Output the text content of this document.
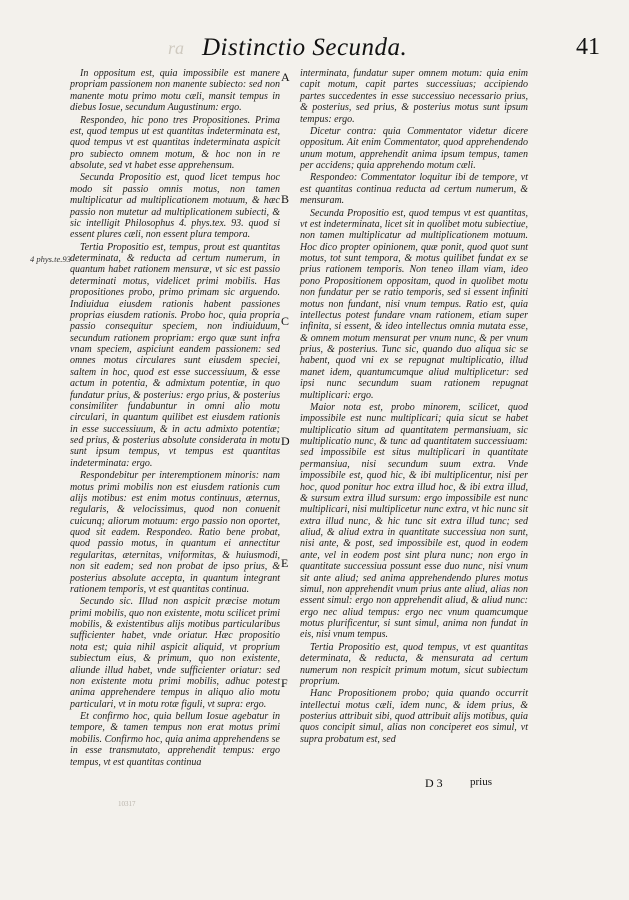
ra Distinctio Secunda.	41
4 phys.te.93

In oppositum est, quia impossibile est manere propriam passionem non manente subiecto: sed non manente motu primo motu cæli, mansit tempus in diebus Iosue, secundum Augustinum: ergo.

Respondeo, hic pono tres Propositiones. Prima est, quod tempus ut est quantitas indeterminata est, quod tempus vt est quantitas indeterminata aspicit pro subiecto omnem motum, & hoc non in re absolute, sed vt habet esse apprehensum.

Secunda Propositio est, quod licet tempus hoc modo sit passio omnis motus, non tamen multiplicatur ad multiplicationem motuum, & hæc passio non mutetur ad multiplicationem subiecti, & sic intelligit Philosophus 4. phys.tex. 93. quod si essent plures cæli, non essent plura tempora.

Tertia Propositio est, tempus, prout est quantitas determinata, & reducta ad certum numerum, in quantum habet rationem mensuræ, vt sic est passio determinati motus, videlicet primi mobilis. Has propositiones probo, primo primam sic arguendo. Indiuidua eiusdem rationis habent passiones proprias eiusdem rationis. Probo hoc, quia propria passio consequitur speciem, non indiuiduum, secundum rationem propriam: ergo quæ sunt infra vnam speciem, aspiciunt eandem passionem: sed omnes motus circulares sunt eiusdem speciei, saltem in hoc, quod est esse successiuum, & esse actum in potentia, & admixtum potentiæ, in quo fundatur prius, & posterius: ergo prius, & posterius consimiliter fundabuntur in omni alio motu circulari, in quantum quilibet est eiusdem rationis in esse successiuum, & in actu admixto potentiæ; sed prius, & posterius absolute considerata in motu sunt ipsum tempus, vt tempus est quantitas indeterminata: ergo.

Respondebitur per interemptionem minoris: nam motus primi mobilis non est eiusdem rationis cum alijs motibus: est enim motus continuus, æternus, regularis, & velocissimus, quod non conuenit cuicunq; aliorum motuum: ergo passio non oportet, quod sit eadem. Respondeo. Ratio bene probat, quod passio motus, in quantum ei annectitur regularitas, æternitas, vniformitas, & huiusmodi, non sit eadem; sed non probat de ipso prius, & posterius absolute accepta, in quantum integrant rationem temporis, vt est quantitas continua.

Secundo sic. Illud non aspicit præcise motum primi mobilis, quo non existente, motu scilicet primi mobilis, & existentibus alijs motibus particularibus sufficienter habet, vnde oriatur. Hæc propositio nota est; quia nihil aspicit aliquid, vt proprium subiectum eius, & primum, quo non existente, aliunde illud habet, vnde sufficienter oriatur: sed non existente motu primi mobilis, adhuc potest anima apprehendere tempus in aliquo alio motu particulari, vt in motu rotæ figuli, vt supra: ergo.

Et confirmo hoc, quia bellum Iosue agebatur in tempore, & tamen tempus non erat motus primi mobilis. Confirmo hoc, quia anima apprehendens se in esse transmutato, apprehendit tempus: ergo tempus, vt est quantitas continua

A
B
C
D
E
F

interminata, fundatur super omnem motum: quia enim capit motum, capit partes successiuas; accipiendo partes succedentes in esse successiuo necessario prius, & posterius, sed prius, & posterius motus sunt ipsum tempus: ergo.

Dicetur contra: quia Commentator videtur dicere oppositum. Ait enim Commentator, quod apprehendendo unum motum, apprehendit anima ipsum tempus, tamen per accidens; quia apprehendo motum cæli.

Respondeo: Commentator loquitur ibi de tempore, vt est quantitas continua reducta ad certum numerum, & mensuram.

Secunda Propositio est, quod tempus vt est quantitas, vt est indeterminata, licet sit in quolibet motu subiectiue, non tamen multiplicatur ad multiplicationem motuum. Hoc dico propter opinionem, quæ ponit, quod quot sunt motus, tot sunt tempora, & motus quilibet fundat ex se prius rationem temporis. Non teneo illam viam, ideo pono Propositionem oppositam, quod in quolibet motu non fundatur per se ratio temporis, sed si essent infiniti motus non fundant, nisi vnum tempus. Ratio est, quia intellectus potest fundare vnam rationem, etiam super infinita, si essent, & ideo intellectus omnia mutata esse, & omnem motum mensurat per vnum nunc, & per vnum prius, & posterius. Tunc sic, quando duo aliqua sic se habent, quod vni ex se repugnat multiplicatio, illud manet idem, quantumcumque aliud multiplicetur: sed ipsi nunc secundum suam rationem repugnat multiplicari: ergo.

Maior nota est, probo minorem, scilicet, quod impossibile est nunc multiplicari; quia sicut se habet multiplicatio situm ad quantitatem permansiuam, sic multiplicatio nunc, & tunc ad quantitatem successiuam: sed impossibile est situs multiplicari in quantitate permansiua, nisi secundum suum extra. Vnde impossibile est, quod hic, & ibi multiplicentur, nisi per hoc, quod ponitur hoc extra illud hoc, & ibi extra illud, & sursum extra illud sursum: ergo impossibile est nunc multiplicari, nisi multiplicetur nunc extra, vt hic nunc sit extra illud nunc, & hic tunc sit extra illud tunc; sed aliud, & aliud extra in quantitate successiua non sunt, nisi ante, & post, sed impossibile est, quod in eodem ante, vel in eodem post sint plura nunc; non ergo in quantitate successiua possunt esse duo nunc, nisi vnum sit ante aliud; sed anima apprehendendo plures motus simul, non apprehendit vnum prius ante aliud, alias non essent simul: ergo non apprehendit aliud, & aliud nunc: ergo nec aliud tempus: ergo nec vnum quamcumque motus plurificentur, si sunt simul, anima non fundat in eis, nisi vnum tempus.

Tertia Propositio est, quod tempus, vt est quantitas determinata, & reducta, & mensurata ad certum numerum non respicit primum motum, sicut subiectum proprium.

Hanc Propositionem probo; quia quando occurrit intellectui motus cæli, idem nunc, & idem prius, & posterius attribuit sibi, quod attribuit alijs motibus, quia quos concipit simul, alias non conciperet eos simul, vt supra probatum est, sed

D 3 prius
10317
